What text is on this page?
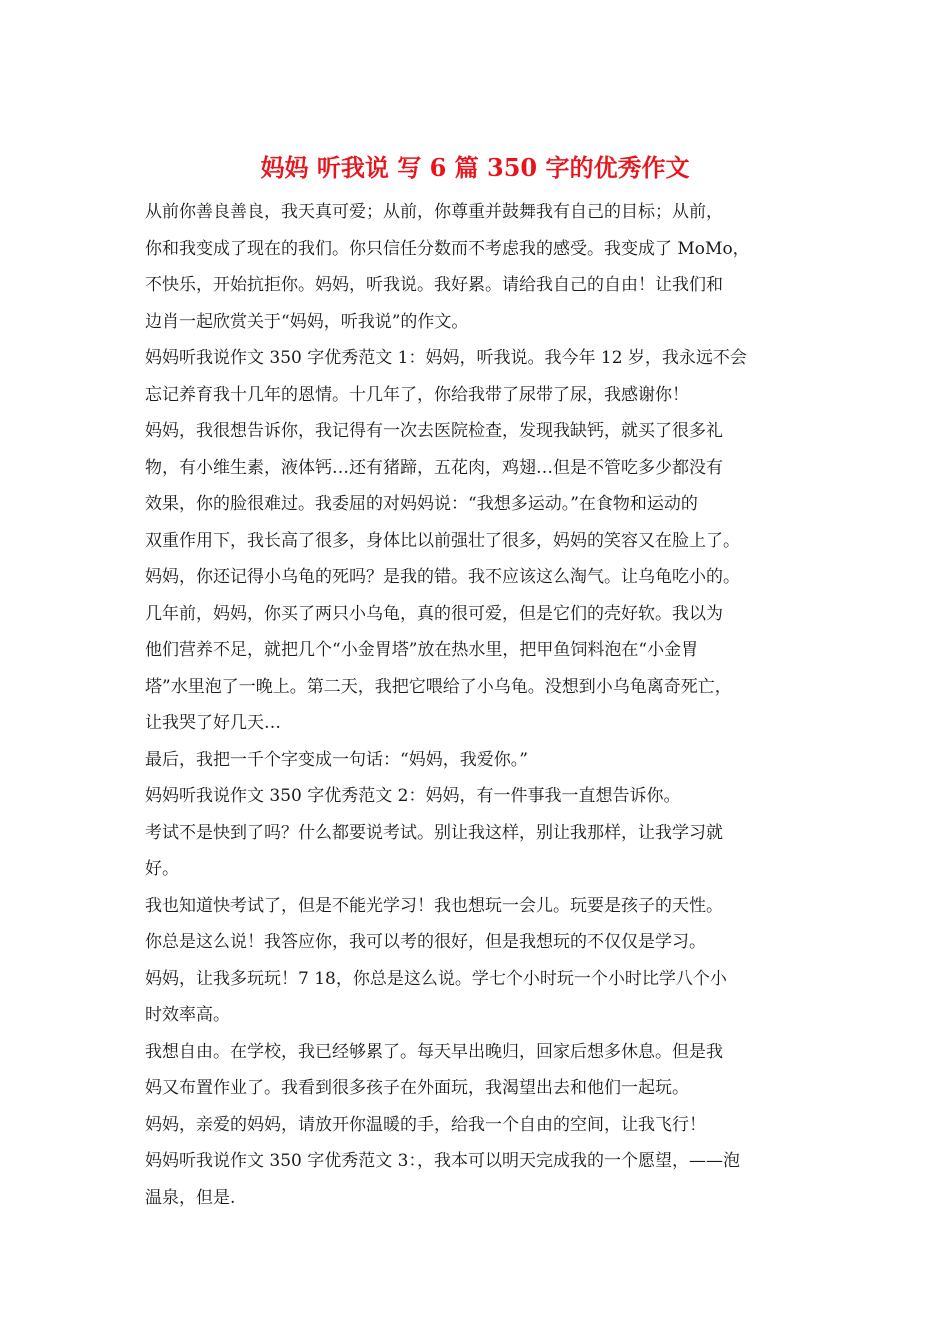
妈妈 听我说 写 6 篇 350 字的优秀作文
从前你善良善良，我天真可爱；从前，你尊重并鼓舞我有自己的目标；从前，
你和我变成了现在的我们。你只信任分数而不考虑我的感受。我变成了 MoMo，
不快乐，开始抗拒你。妈妈，听我说。我好累。请给我自己的自由！让我们和
边肖一起欣赏关于“妈妈，听我说”的作文。
妈妈听我说作文 350 字优秀范文 1：妈妈，听我说。我今年 12 岁，我永远不会
忘记养育我十几年的恩情。十几年了，你给我带了尿带了尿，我感谢你！
妈妈，我很想告诉你，我记得有一次去医院检查，发现我缺钙，就买了很多礼
物，有小维生素，液体钙…还有猪蹄，五花肉，鸡翅…但是不管吃多少都没有
效果，你的脸很难过。我委屈的对妈妈说：“我想多运动。”在食物和运动的
双重作用下，我长高了很多，身体比以前强壮了很多，妈妈的笑容又在脸上了。
妈妈，你还记得小乌龟的死吗？是我的错。我不应该这么淘气。让乌龟吃小的。
几年前，妈妈，你买了两只小乌龟，真的很可爱，但是它们的壳好软。我以为
他们营养不足，就把几个“小金胃塔”放在热水里，把甲鱼饲料泡在“小金胃
塔”水里泡了一晚上。第二天，我把它喂给了小乌龟。没想到小乌龟离奇死亡，
让我哭了好几天…
最后，我把一千个字变成一句话：“妈妈，我爱你。”
妈妈听我说作文 350 字优秀范文 2：妈妈，有一件事我一直想告诉你。
考试不是快到了吗？什么都要说考试。别让我这样，别让我那样，让我学习就
好。
我也知道快考试了，但是不能光学习！我也想玩一会儿。玩要是孩子的天性。
你总是这么说！我答应你，我可以考的很好，但是我想玩的不仅仅是学习。
妈妈，让我多玩玩！7 18，你总是这么说。学七个小时玩一个小时比学八个小
时效率高。
我想自由。在学校，我已经够累了。每天早出晚归，回家后想多休息。但是我
妈又布置作业了。我看到很多孩子在外面玩，我渴望出去和他们一起玩。
妈妈，亲爱的妈妈，请放开你温暖的手，给我一个自由的空间，让我飞行！
妈妈听我说作文 350 字优秀范文 3：，我本可以明天完成我的一个愿望，——泡
温泉，但是.
